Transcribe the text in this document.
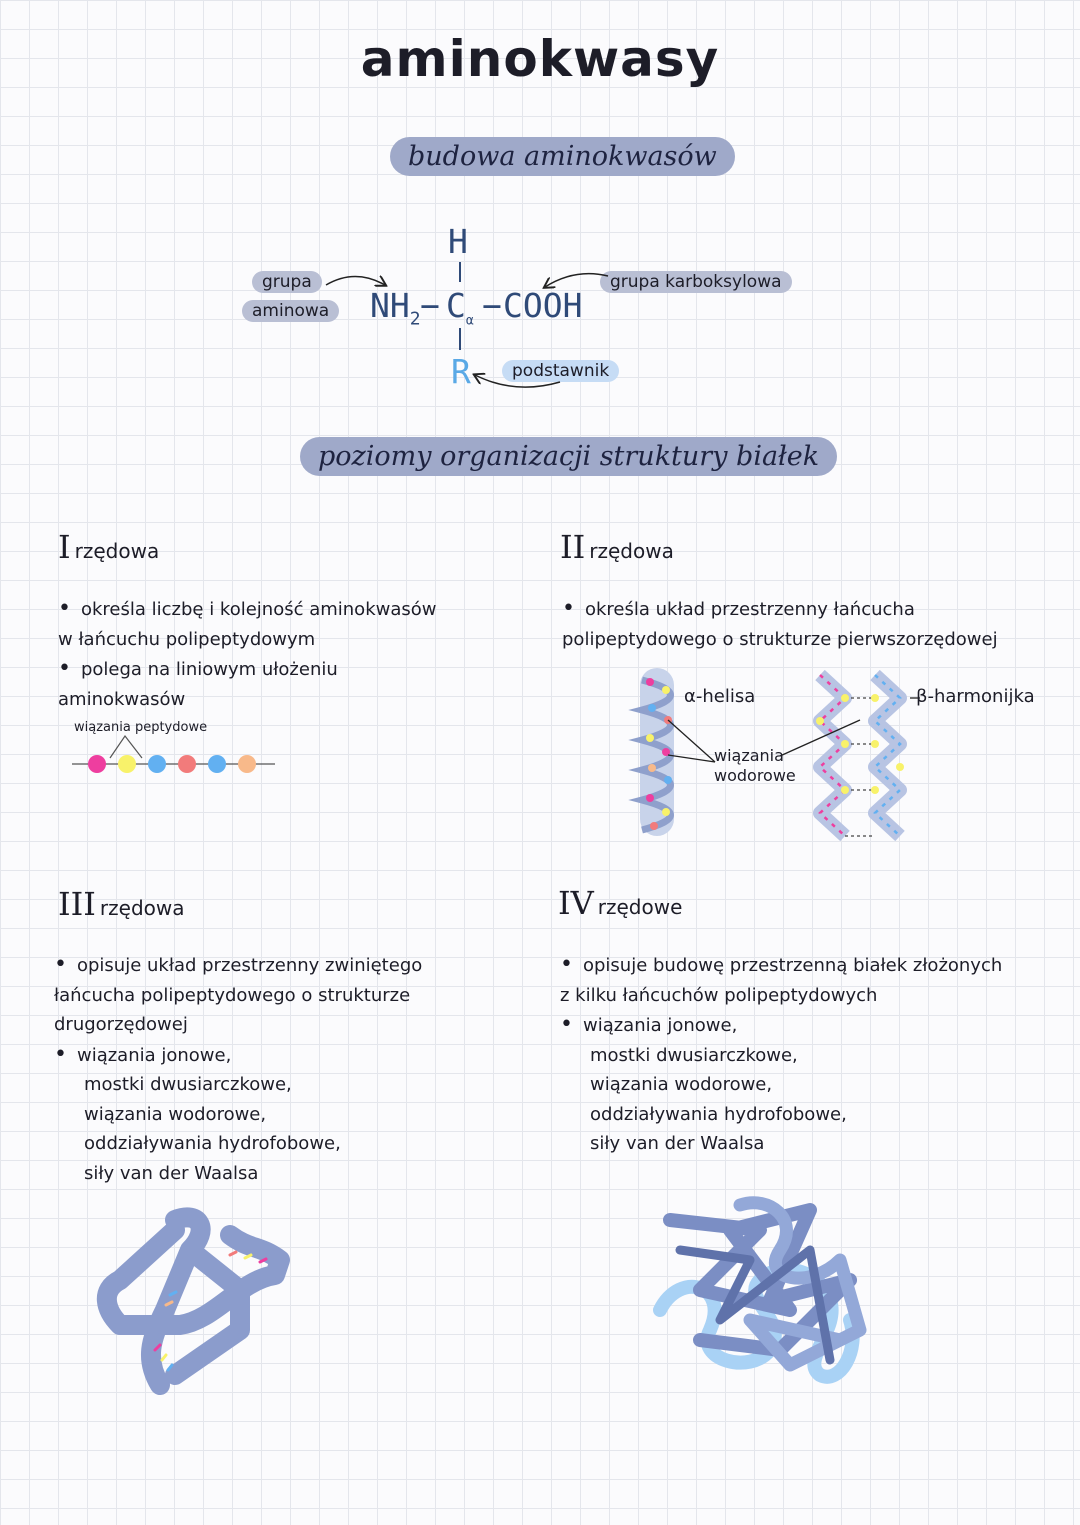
aminokwasy
budowa aminokwasów
H
$NH_2 - C_\alpha$ − COOH
R
grupa
aminowa
grupa karboksylowa
podstawnik
poziomy organizacji struktury białek
Irzędowa
• określa liczbę i kolejność aminokwasów
w łańcuchu polipeptydowym
• polega na liniowym ułożeniu
aminokwasów
wiązania peptydowe
II rzędowa
• określa układ przestrzenny łańcucha
polipeptydowego o strukturze pierwszorzędowej
α-helisa	β-harmonijka
wiązania
wodorowe
III rzędowa
• opisuje układ przestrzenny zwiniętego
łańcucha polipeptydowego o strukturze
drugorzędowej
• wiązania jonowe,
mostki dwusiarczkowe,
wiązania wodorowe,
oddziaływania hydrofobowe,
siły van der Waalsa
IV rzędowe
• opisuje budowę przestrzenną białek złożonych
z kilku łańcuchów polipeptydowych
• wiązania jonowe,
mostki dwusiarczkowe,
wiązania wodorowe,
oddziaływania hydrofobowe,
siły van der Waalsa
